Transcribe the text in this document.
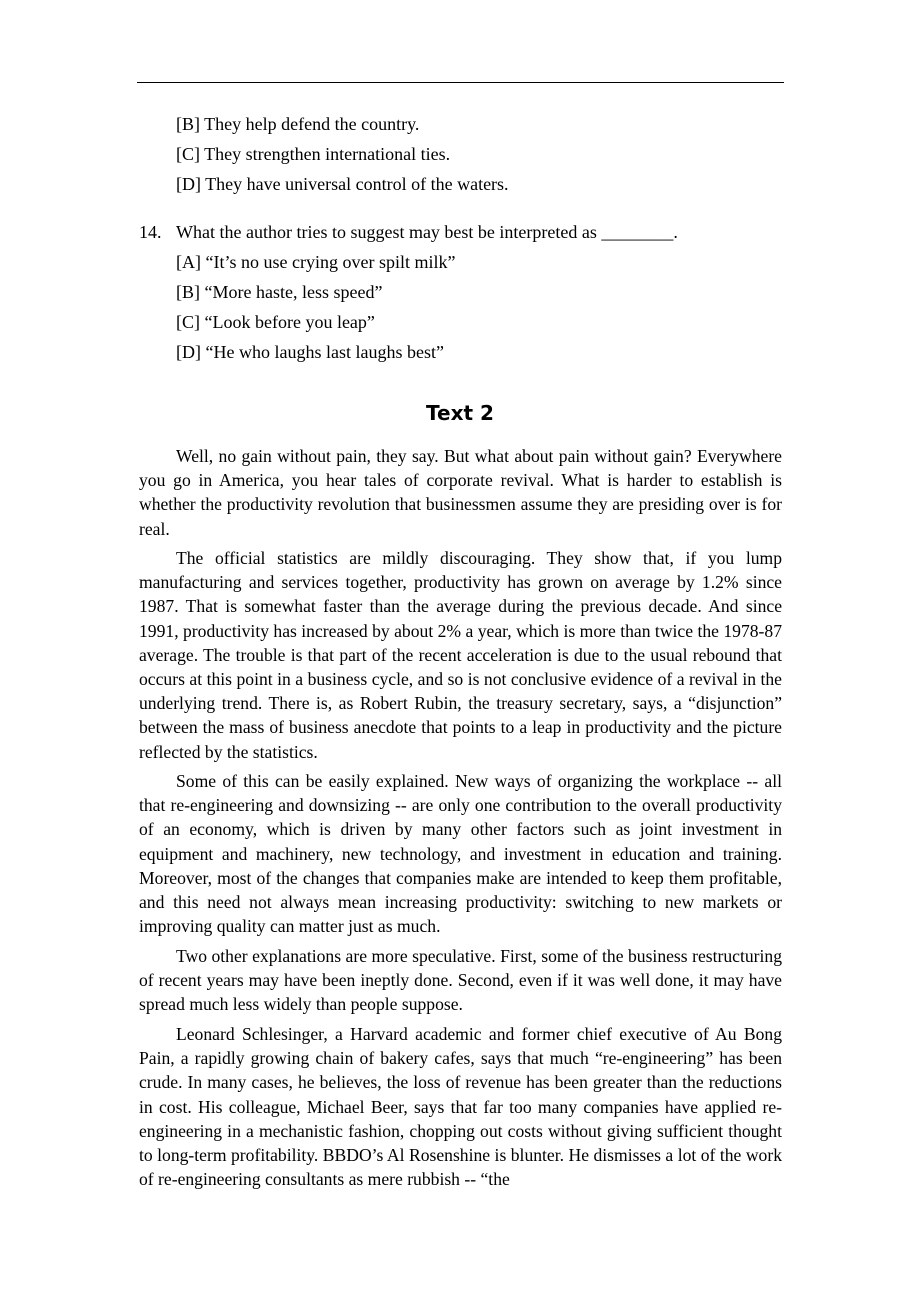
[B] They help defend the country.
[C] They strengthen international ties.
[D] They have universal control of the waters.
14. What the author tries to suggest may best be interpreted as ________.
[A] “It’s no use crying over spilt milk”
[B] “More haste, less speed”
[C] “Look before you leap”
[D] “He who laughs last laughs best”
Text 2

Well, no gain without pain, they say. But what about pain without gain? Everywhere you go in America, you hear tales of corporate revival. What is harder to establish is whether the productivity revolution that businessmen assume they are presiding over is for real.

The official statistics are mildly discouraging. They show that, if you lump manufacturing and services together, productivity has grown on average by 1.2% since 1987. That is somewhat faster than the average during the previous decade. And since 1991, productivity has increased by about 2% a year, which is more than twice the 1978-87 average. The trouble is that part of the recent acceleration is due to the usual rebound that occurs at this point in a business cycle, and so is not conclusive evidence of a revival in the underlying trend. There is, as Robert Rubin, the treasury secretary, says, a “disjunction” between the mass of business anecdote that points to a leap in productivity and the picture reflected by the statistics.

Some of this can be easily explained. New ways of organizing the workplace -- all that re-engineering and downsizing -- are only one contribution to the overall productivity of an economy, which is driven by many other factors such as joint investment in equipment and machinery, new technology, and investment in education and training. Moreover, most of the changes that companies make are intended to keep them profitable, and this need not always mean increasing productivity: switching to new markets or improving quality can matter just as much.

Two other explanations are more speculative. First, some of the business restructuring of recent years may have been ineptly done. Second, even if it was well done, it may have spread much less widely than people suppose.

Leonard Schlesinger, a Harvard academic and former chief executive of Au Bong Pain, a rapidly growing chain of bakery cafes, says that much “re-engineering” has been crude. In many cases, he believes, the loss of revenue has been greater than the reductions in cost. His colleague, Michael Beer, says that far too many companies have applied re-engineering in a mechanistic fashion, chopping out costs without giving sufficient thought to long-term profitability. BBDO’s Al Rosenshine is blunter. He dismisses a lot of the work of re-engineering consultants as mere rubbish -- “the
